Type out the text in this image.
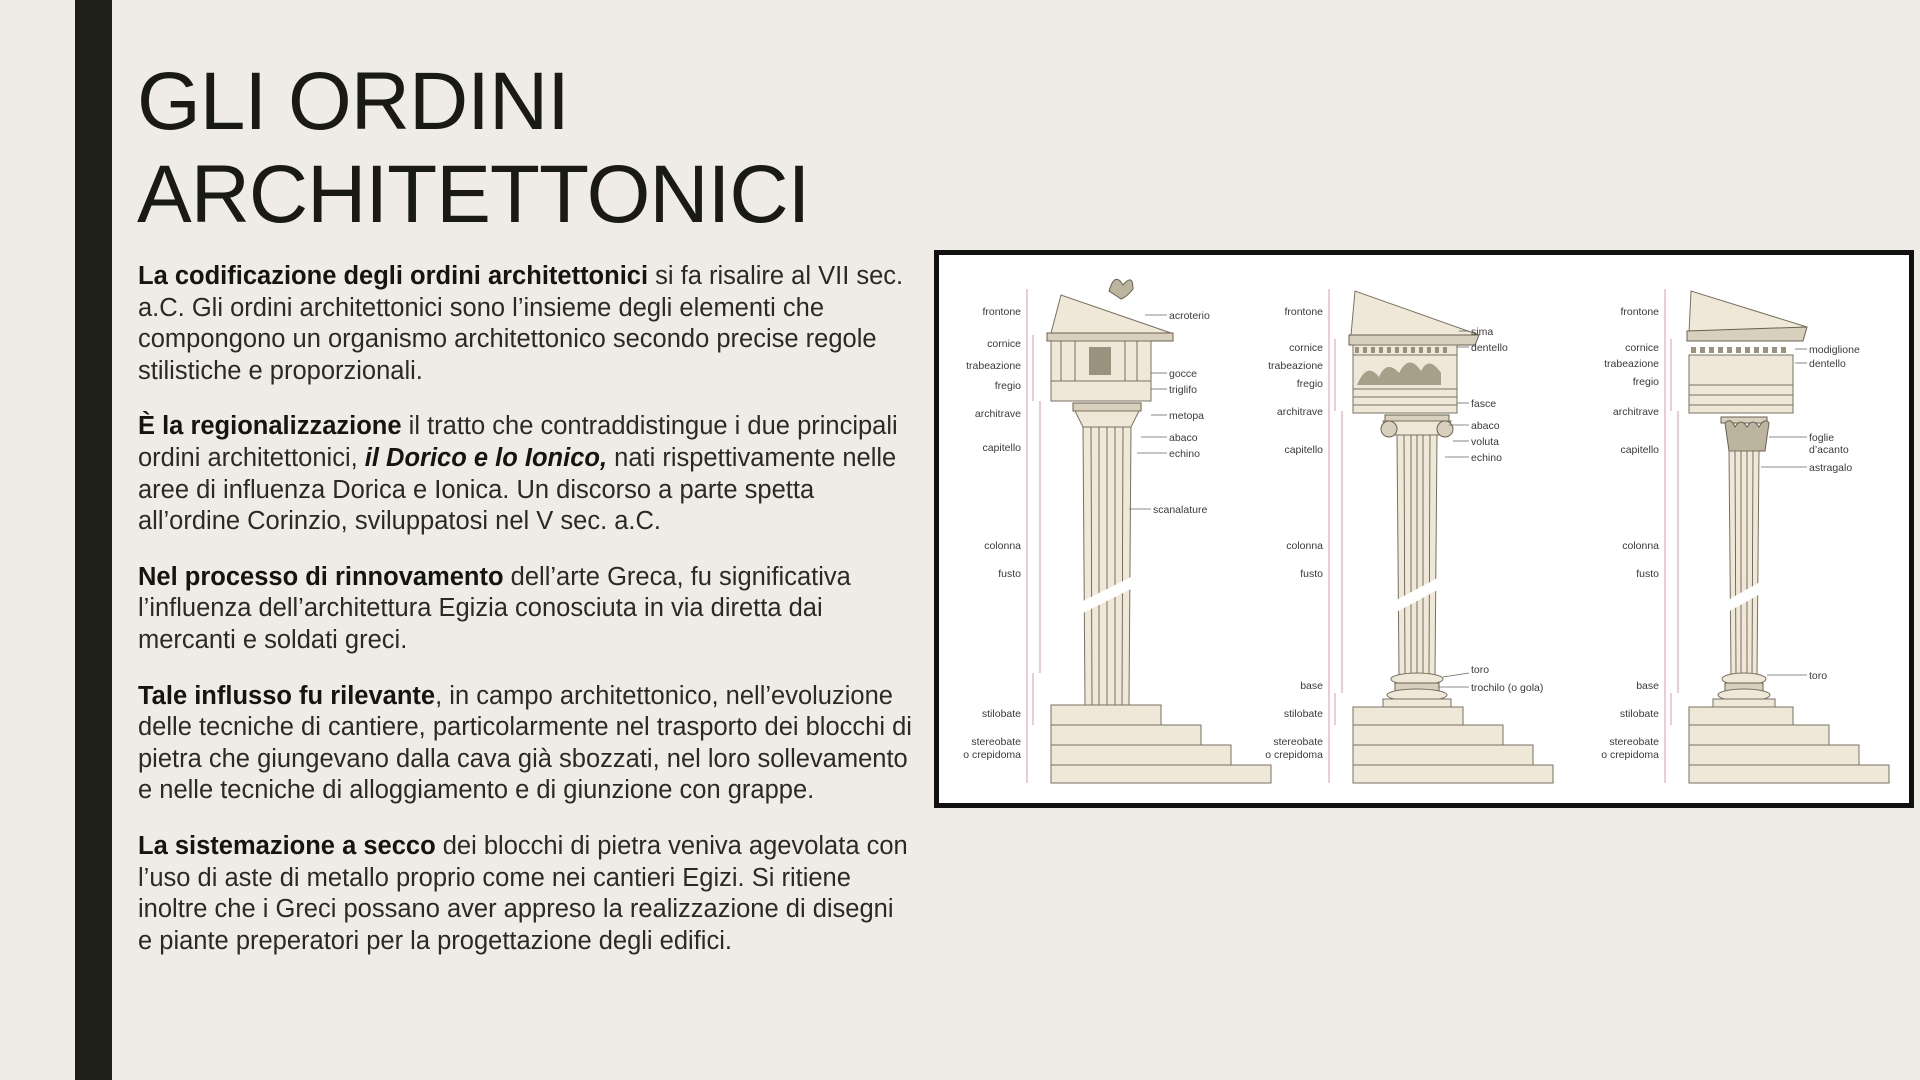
GLI ORDINI
ARCHITETTONICI

La codificazione degli ordini architettonici si fa risalire al VII sec. a.C. Gli ordini architettonici sono l’insieme degli elementi che compongono un organismo architettonico secondo precise regole stilistiche e proporzionali.

È la regionalizzazione il tratto che contraddistingue i due principali ordini architettonici, il Dorico e lo Ionico, nati rispettivamente nelle aree di influenza Dorica e Ionica. Un discorso a parte spetta all’ordine Corinzio, sviluppatosi nel V sec. a.C.

Nel processo di rinnovamento dell’arte Greca, fu significativa l’influenza dell’architettura Egizia conosciuta in via diretta dai mercanti e soldati greci.

Tale influsso fu rilevante, in campo architettonico, nell’evoluzione delle tecniche di cantiere, particolarmente nel trasporto dei blocchi di pietra che giungevano dalla cava già sbozzati, nel loro sollevamento e nelle tecniche di alloggiamento e di giunzione con grappe.

La sistemazione a secco dei blocchi di pietra veniva agevolata con l’uso di aste di metallo proprio come nei cantieri Egizi. Si ritiene inoltre che i Greci possano aver appreso la realizzazione di disegni e piante preperatori per la progettazione degli edifici.

frontone
cornice
trabeazione
fregio
architrave
capitello
colonna
fusto
stilobate
stereobate
o crepidoma
acroterio
gocce
triglifo
metopa
abaco
echino
scanalature
frontone
cornice
trabeazione
fregio
architrave
capitello
colonna
fusto
base
stilobate
stereobate
o crepidoma
sima
dentello
fasce
abaco
voluta
echino
toro
trochilo (o gola)
frontone
cornice
trabeazione
fregio
architrave
capitello
colonna
fusto
base
stilobate
stereobate
o crepidoma
modiglione
dentello
foglie
d’acanto
astragalo
toro
